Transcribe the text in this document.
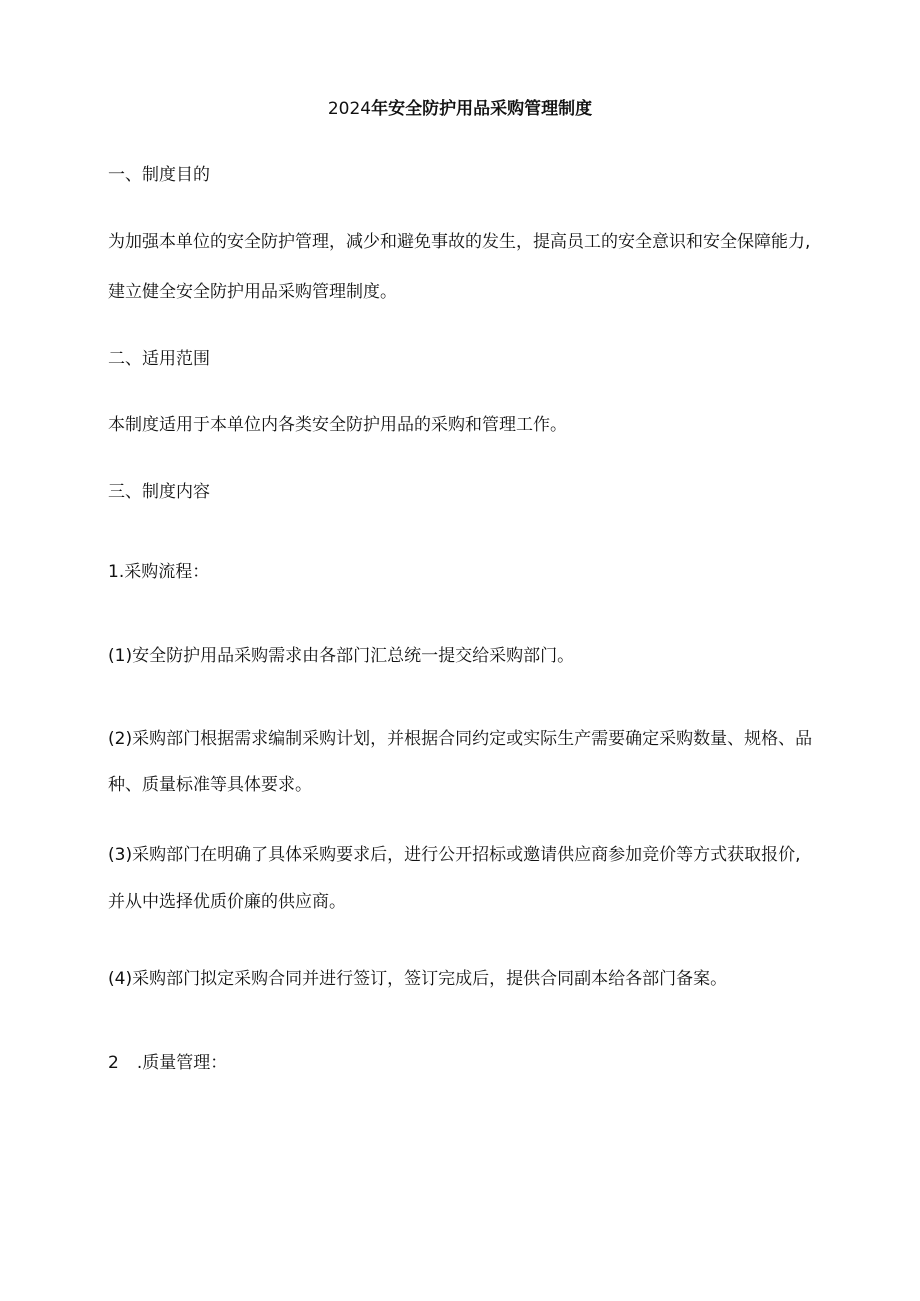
2024年安全防护用品采购管理制度
一、制度目的
为加强本单位的安全防护管理，减少和避免事故的发生，提高员工的安全意识和安全保障能力,
建立健全安全防护用品采购管理制度。
二、适用范围
本制度适用于本单位内各类安全防护用品的采购和管理工作。
三、制度内容
1.采购流程：
(1)安全防护用品采购需求由各部门汇总统一提交给采购部门。
(2)采购部门根据需求编制采购计划，并根据合同约定或实际生产需要确定采购数量、规格、品
种、质量标准等具体要求。
(3)采购部门在明确了具体采购要求后，进行公开招标或邀请供应商参加竞价等方式获取报价,
并从中选择优质价廉的供应商。
(4)采购部门拟定采购合同并进行签订，签订完成后，提供合同副本给各部门备案。
2 .质量管理：
